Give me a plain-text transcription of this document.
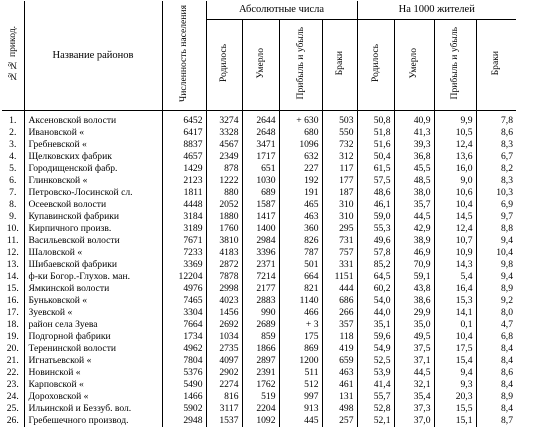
№№ прикод.	Название районов	Численность населения	Абсолютные числа				На 1000 жителей			
			Родилось	Умерло	Прибыль и убыль	Браки	Родилось	Умерло	Прибыль и убыль	Браки
1.	Аксеновской волости	6452	3274	2644	+ 630	503	50,8	40,9	9,9	7,8
2.	Ивановской «	6417	3328	2648	680	550	51,8	41,3	10,5	8,6
3.	Гребневской «	8837	4567	3471	1096	732	51,6	39,3	12,4	8,3
4.	Щелковских фабрик	4657	2349	1717	632	312	50,4	36,8	13,6	6,7
5.	Городищенской фабр.	1429	878	651	227	117	61,5	45,5	16,0	8,2
6.	Глинковской «	2123	1222	1030	192	177	57,5	48,5	9,0	8,3
7.	Петровско-Лосинской сл.	1811	880	689	191	187	48,6	38,0	10,6	10,3
8.	Осеевской волости	4448	2052	1587	465	310	46,1	35,7	10,4	6,9
9.	Купавинской фабрики	3184	1880	1417	463	310	59,0	44,5	14,5	9,7
10.	Кирпичного произв.	3189	1760	1400	360	295	55,3	42,9	12,4	8,8
11.	Васильевской волости	7671	3810	2984	826	731	49,6	38,9	10,7	9,4
12.	Шаловской «	7233	4183	3396	787	757	57,8	46,9	10,9	10,4
13.	Шибаевской фабрики	3369	2872	2371	501	331	85,2	70,9	14,3	9,8
14.	ф-ки Богор.-Глухов. ман.	12204	7878	7214	664	1151	64,5	59,1	5,4	9,4
15.	Ямкинской волости	4976	2998	2177	821	444	60,2	43,8	16,4	8,9
16.	Буньковской «	7465	4023	2883	1140	686	54,0	38,6	15,3	9,2
17.	Зуевской «	3304	1456	990	466	266	44,0	29,9	14,1	8,0
18.	район села Зуева	7664	2692	2689	+ 3	357	35,1	35,0	0,1	4,7
19.	Подгорной фабрики	1734	1034	859	175	118	59,6	49,5	10,4	6,8
20.	Теренинской волости	4962	2735	1866	869	419	54,9	37,5	17,5	8,4
21.	Игнатьевской «	7804	4097	2897	1200	659	52,5	37,1	15,4	8,4
22.	Новинской «	5376	2902	2391	511	463	53,9	44,5	9,4	8,6
23.	Карповской «	5490	2274	1762	512	461	41,4	32,1	9,3	8,4
24.	Дороховской «	1466	816	519	997	131	55,7	35,4	20,3	8,9
25.	Ильинской и Беззуб. вол.	5902	3117	2204	913	498	52,8	37,3	15,5	8,4
26.	Гребешечного производ.	2948	1537	1092	445	257	52,1	37,0	15,1	8,7
